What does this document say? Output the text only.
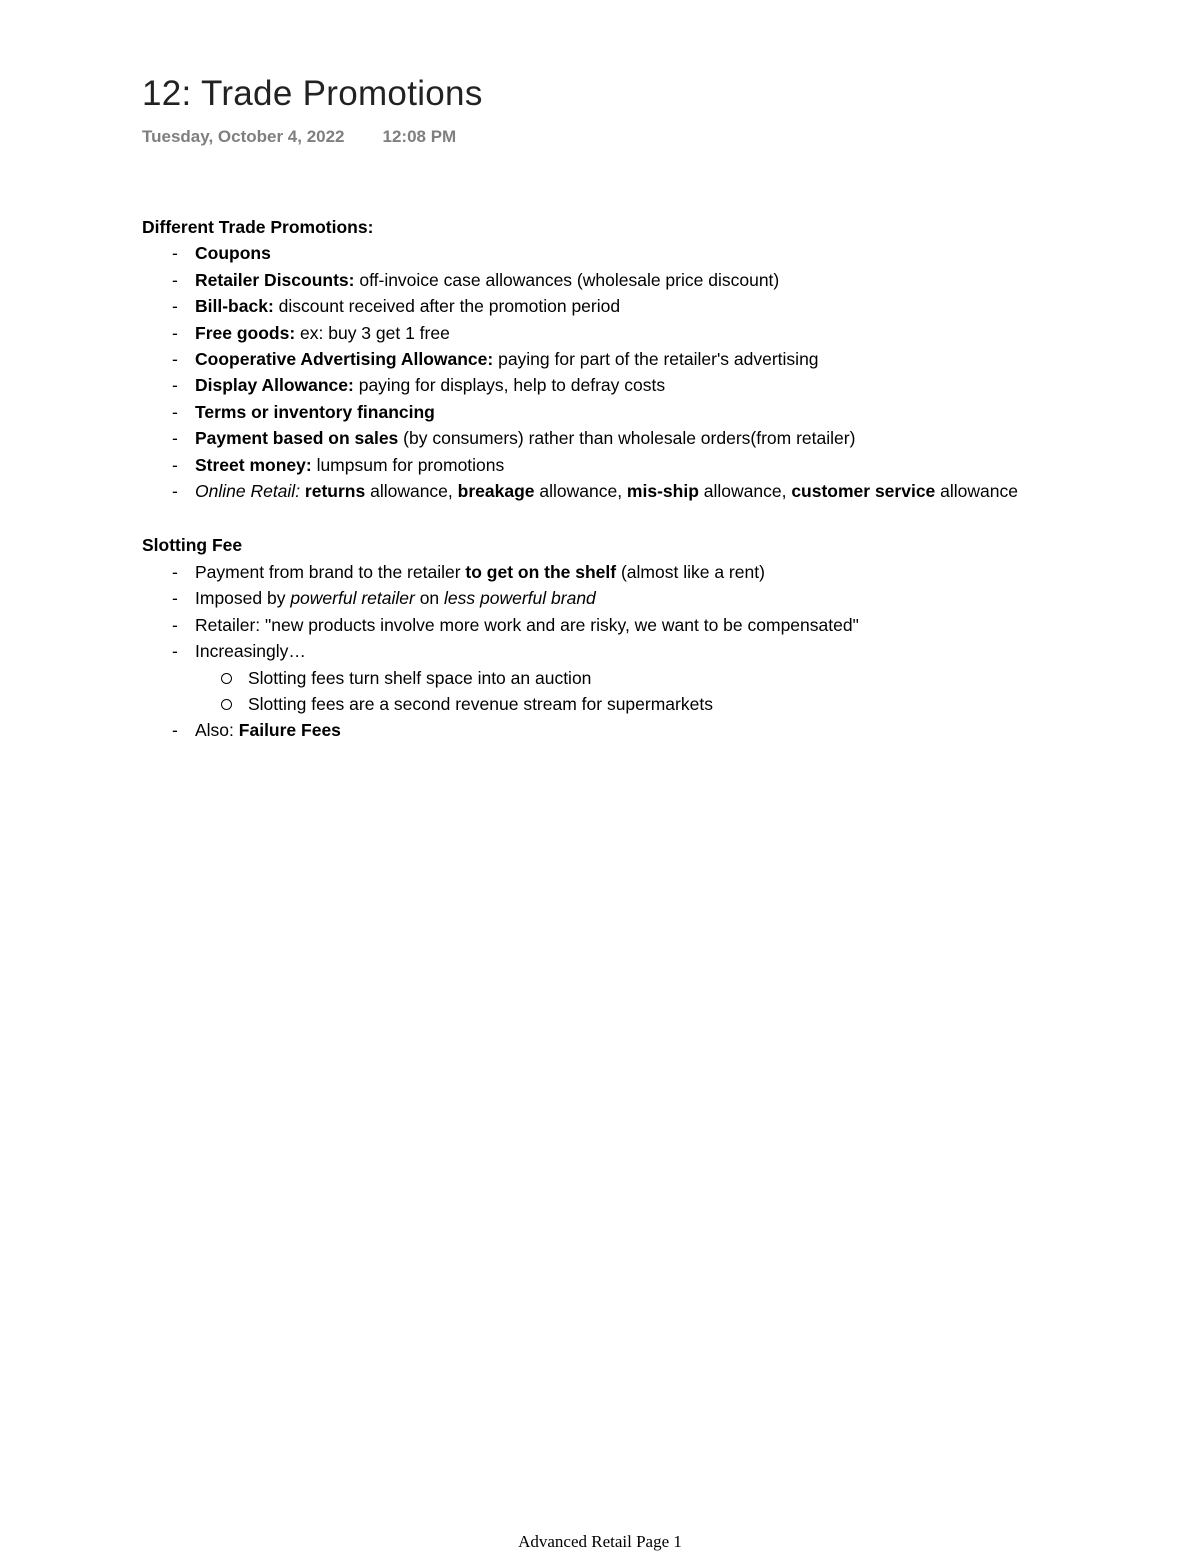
12: Trade Promotions
Tuesday, October 4, 2022 12:08 PM

Different Trade Promotions:

- Coupons
- Retailer Discounts: off-invoice case allowances (wholesale price discount)
- Bill-back: discount received after the promotion period
- Free goods: ex: buy 3 get 1 free
- Cooperative Advertising Allowance: paying for part of the retailer's advertising
- Display Allowance: paying for displays, help to defray costs
- Terms or inventory financing
- Payment based on sales (by consumers) rather than wholesale orders(from retailer)
- Street money: lumpsum for promotions
- Online Retail: returns allowance, breakage allowance, mis-ship allowance, customer service allowance

Slotting Fee

- Payment from brand to the retailer to get on the shelf (almost like a rent)
- Imposed by powerful retailer on less powerful brand
- Retailer: "new products involve more work and are risky, we want to be compensated"
- Increasingly…
Slotting fees turn shelf space into an auction
Slotting fees are a second revenue stream for supermarkets
- Also: Failure Fees
Advanced Retail Page 1
